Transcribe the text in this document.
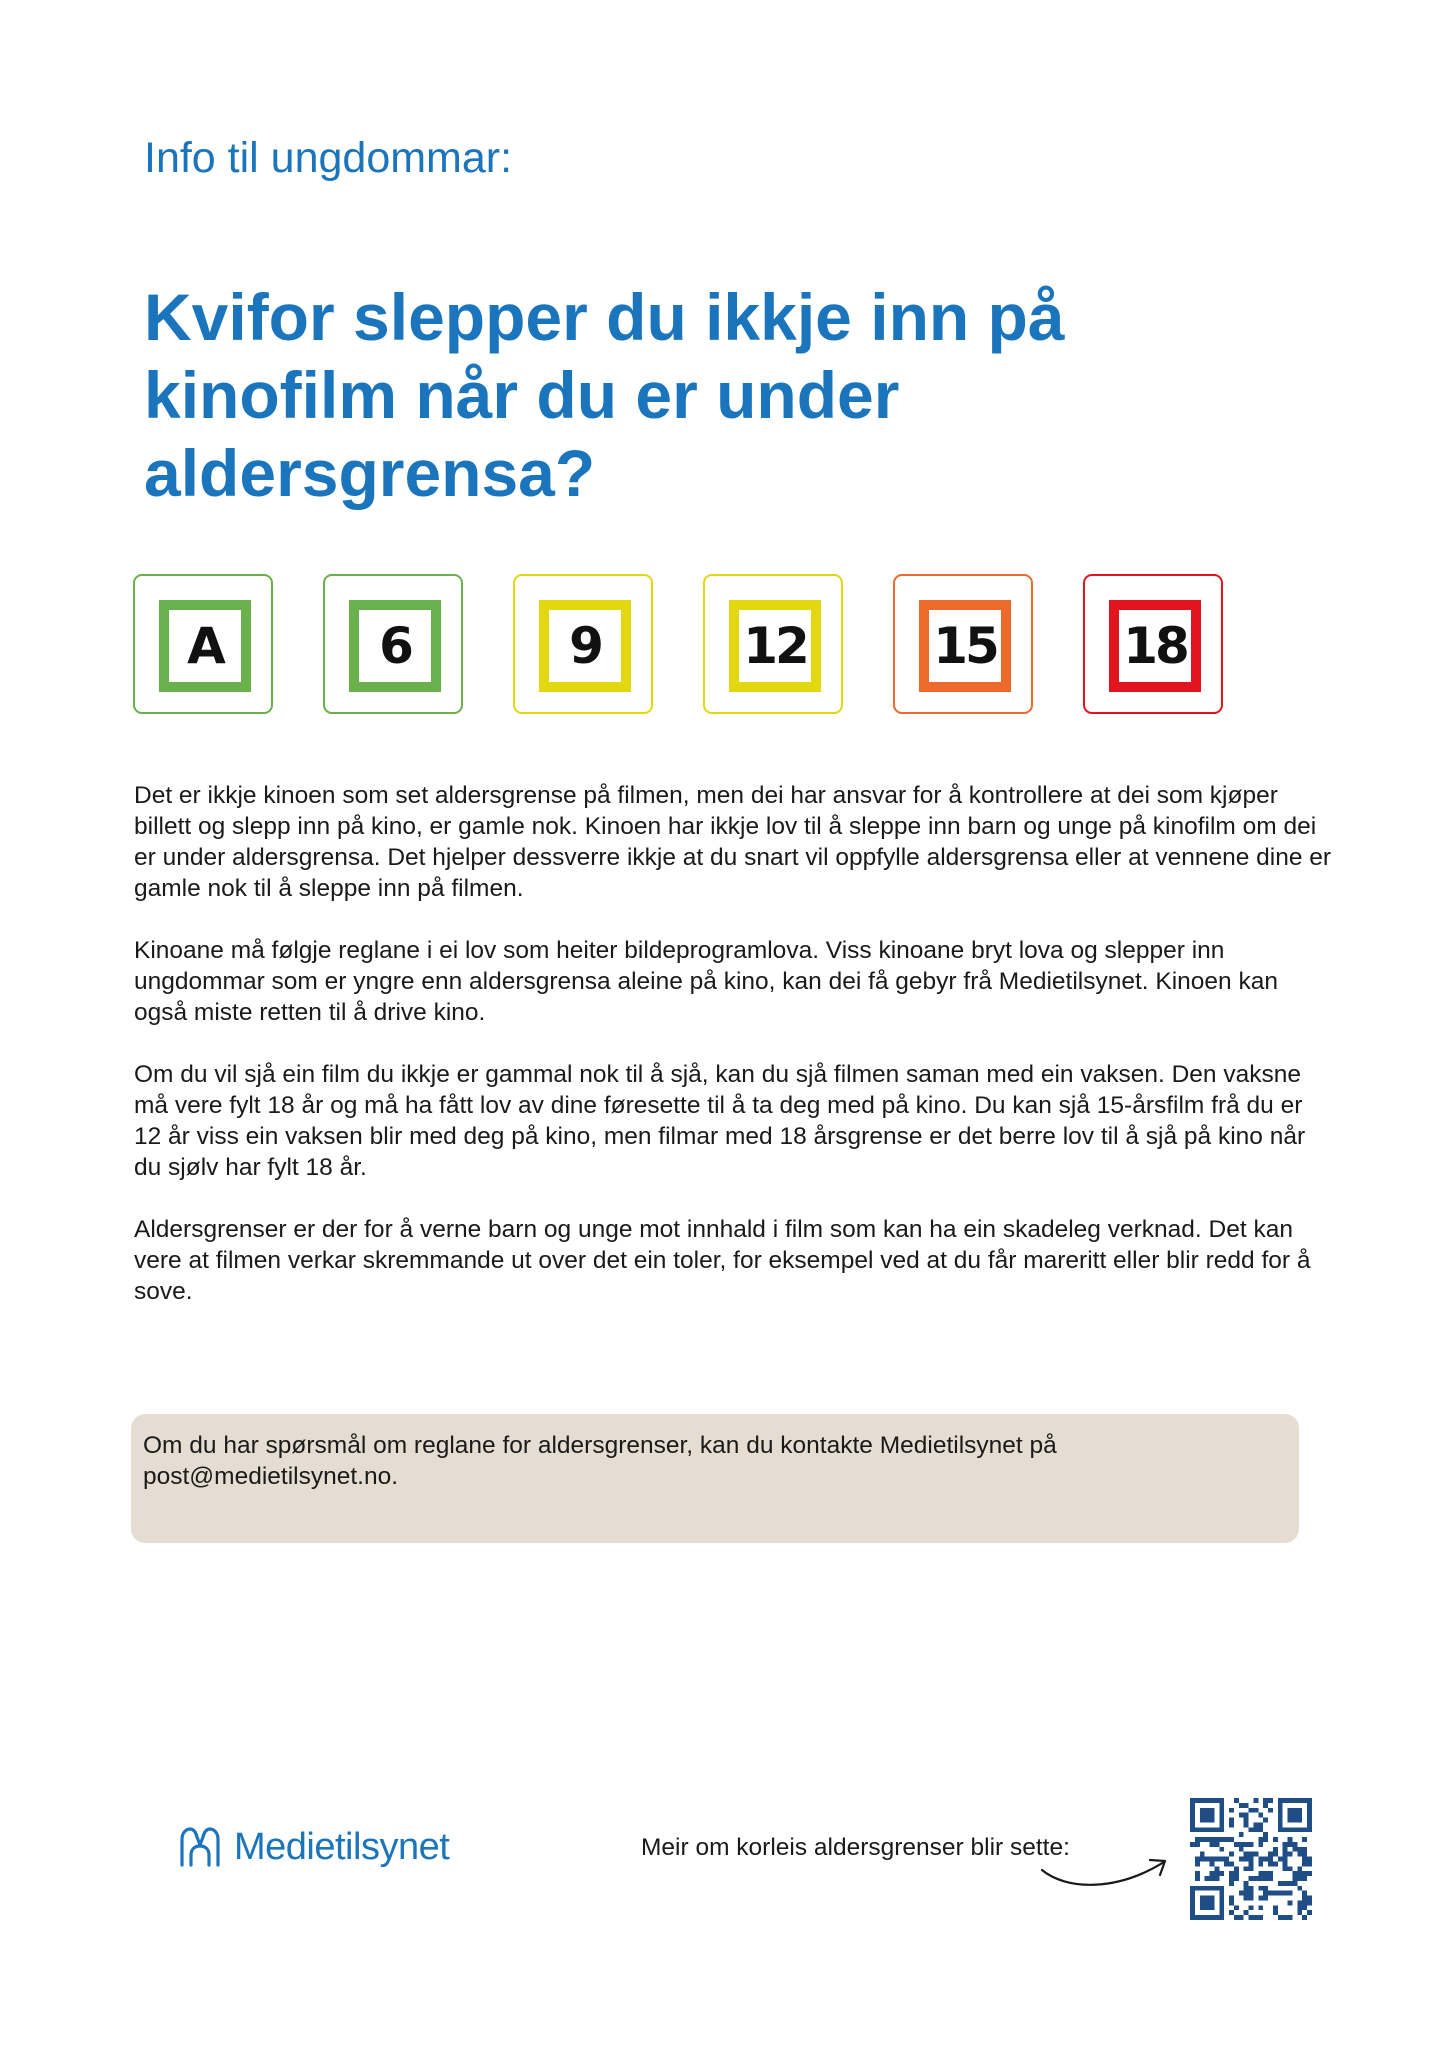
Info til ungdommar:
Kvifor slepper du ikkje inn på kinofilm når du er under aldersgrensa?
A	6	9	12	15	18

Det er ikkje kinoen som set aldersgrense på filmen, men dei har ansvar for å kontrollere at dei som kjøper billett og slepp inn på kino, er gamle nok. Kinoen har ikkje lov til å sleppe inn barn og unge på kinofilm om dei er under aldersgrensa. Det hjelper dessverre ikkje at du snart vil oppfylle aldersgrensa eller at vennene dine er gamle nok til å sleppe inn på filmen.

Kinoane må følgje reglane i ei lov som heiter bildeprogramlova. Viss kinoane bryt lova og slepper inn ungdommar som er yngre enn aldersgrensa aleine på kino, kan dei få gebyr frå Medietilsynet. Kinoen kan også miste retten til å drive kino.

Om du vil sjå ein film du ikkje er gammal nok til å sjå, kan du sjå filmen saman med ein vaksen. Den vaksne må vere fylt 18 år og må ha fått lov av dine føresette til å ta deg med på kino. Du kan sjå 15-årsfilm frå du er 12 år viss ein vaksen blir med deg på kino, men filmar med 18 årsgrense er det berre lov til å sjå på kino når du sjølv har fylt 18 år.

Aldersgrenser er der for å verne barn og unge mot innhald i film som kan ha ein skadeleg verknad. Det kan vere at filmen verkar skremmande ut over det ein toler, for eksempel ved at du får mareritt eller blir redd for å sove.

Om du har spørsmål om reglane for aldersgrenser, kan du kontakte Medietilsynet på post@medietilsynet.no.
Medietilsynet	Meir om korleis aldersgrenser blir sette:
